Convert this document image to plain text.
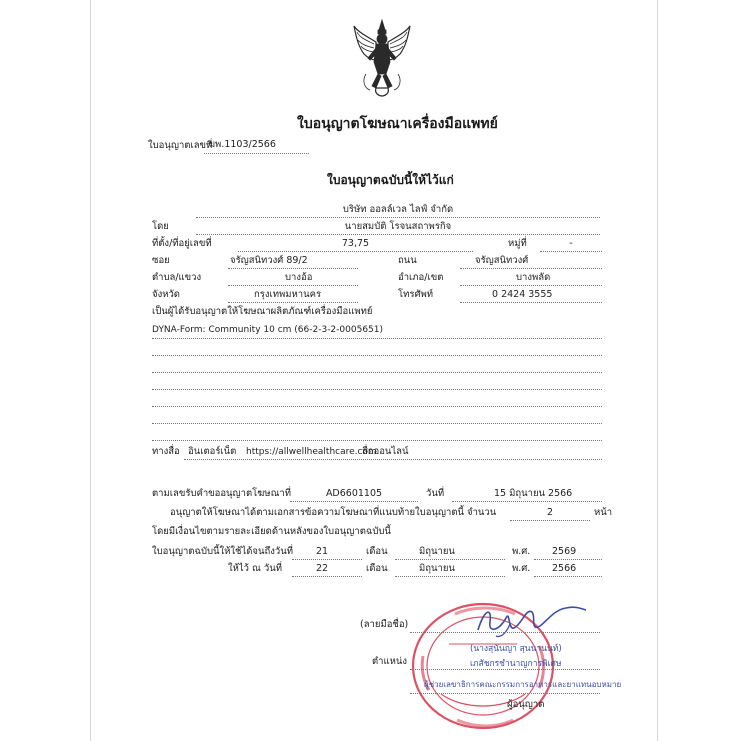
ใบอนุญาตโฆษณาเครื่องมือแพทย์
ใบอนุญาตเลขที่
ฆพ.1103/2566
ใบอนุญาตฉบับนี้ให้ไว้แก่
บริษัท ออลล์เวล ไลฟ์ จำกัด
โดย	นายสมบัติ โรจนสถาพรกิจ
ที่ตั้ง/ที่อยู่เลขที่	73,75	หมู่ที่	-
ซอย	จรัญสนิทวงศ์ 89/2	ถนน	จรัญสนิทวงศ์
ตำบล/แขวง	บางอ้อ	อำเภอ/เขต	บางพลัด
จังหวัด	กรุงเทพมหานคร	โทรศัพท์	0 2424 3555
เป็นผู้ได้รับอนุญาตให้โฆษณาผลิตภัณฑ์เครื่องมือแพทย์
DYNA-Form: Community 10 cm (66-2-3-2-0005651)
ทางสื่อ อินเตอร์เน็ต https://allwellhealthcare.com
สื่อออนไลน์
ตามเลขรับคำขออนุญาตโฆษณาที่	AD6601105	วันที่	15 มิถุนายน 2566
อนุญาตให้โฆษณาได้ตามเอกสารข้อความโฆษณาที่แนบท้ายใบอนุญาตนี้ จำนวน	2	หน้า
โดยมีเงื่อนไขตามรายละเอียดด้านหลังของใบอนุญาตฉบับนี้
ใบอนุญาตฉบับนี้ให้ใช้ได้จนถึงวันที่	21	เดือน	มิถุนายน	พ.ศ. 2569
ให้ไว้ ณ วันที่	22	เดือน	มิถุนายน	พ.ศ. 2566
(ลายมือชื่อ)
(นางสุนันญา สุนนานนท์)
ตำแหน่ง	เภสัชกรชำนาญการพิเศษ
ผู้ช่วยเลขาธิการคณะกรรมการอาหารและยาแทนอบหมาย
ผู้อนุญาต
